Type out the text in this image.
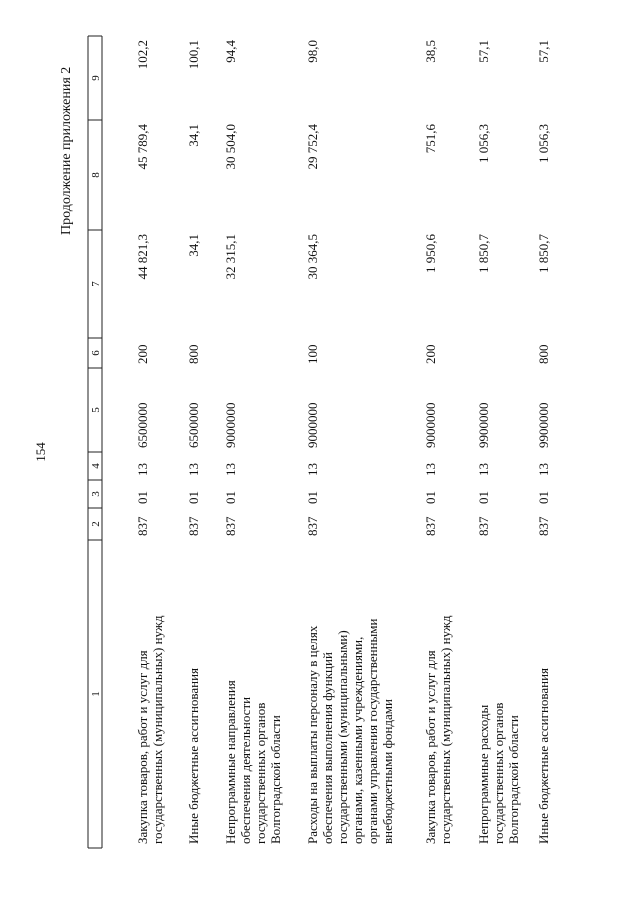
154
Продолжение приложения 2
1
2
3
4
5
6
7
8
9
Закупка товаров, работ и услуг для государственных (муниципальных) нужд
837
01
13
6500000
200
44 821,3
45 789,4
102,2
Иные бюджетные ассигнования
837
01
13
6500000
800
34,1
34,1
100,1
Непрограммные направления обеспечения деятельности государственных органов Волгоградской области
837
01
13
9000000
32 315,1
30 504,0
94,4
Расходы на выплаты персоналу в целях обеспечения выполнения функций государственными (муниципальными) органами, казенными учреждениями, органами управления государственными внебюджетными фондами
837
01
13
9000000
100
30 364,5
29 752,4
98,0
Закупка товаров, работ и услуг для государственных (муниципальных) нужд
837
01
13
9000000
200
1 950,6
751,6
38,5
Непрограммные расходы государственных органов Волгоградской области
837
01
13
9900000
1 850,7
1 056,3
57,1
Иные бюджетные ассигнования
837
01
13
9900000
800
1 850,7
1 056,3
57,1
